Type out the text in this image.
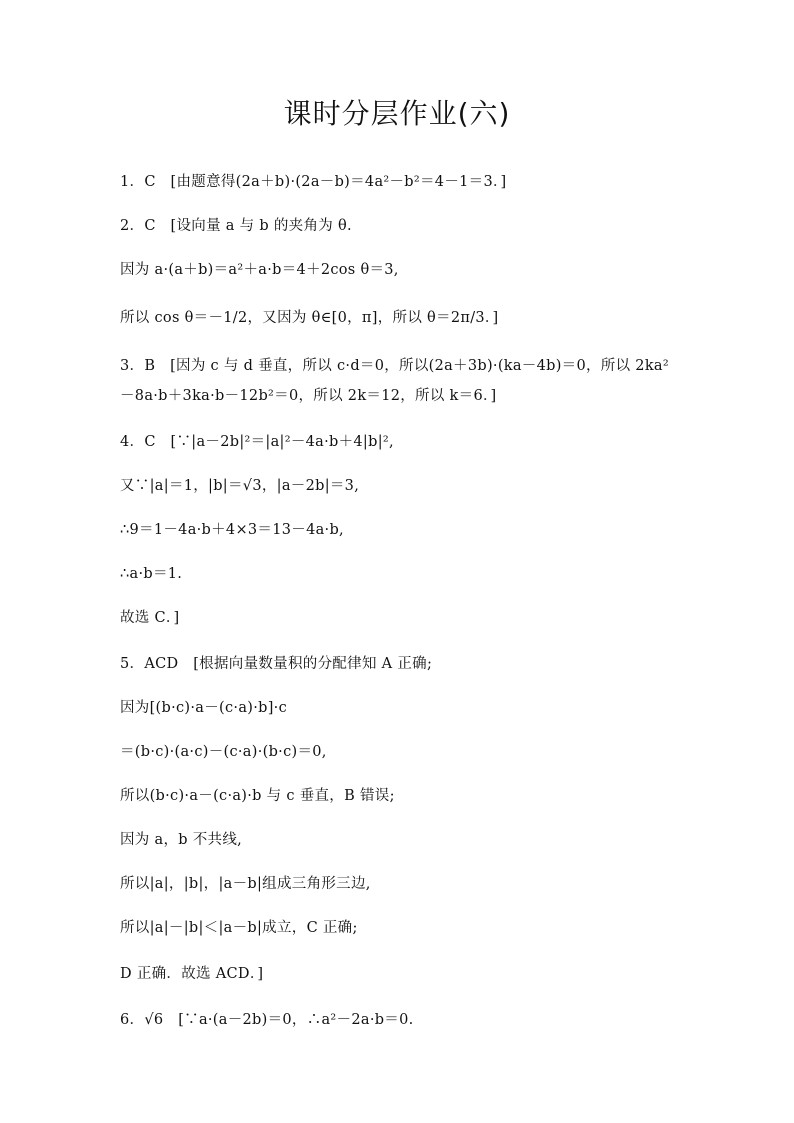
课时分层作业(六)
1．C　[由题意得(2a＋b)·(2a－b)＝4a²－b²＝4－1＝3．]
2．C　[设向量 a 与 b 的夹角为 θ.
因为 a·(a＋b)＝a²＋a·b＝4＋2cos θ＝3,
所以 cos θ＝－1/2，又因为 θ∈[0，π]，所以 θ＝2π/3．]
3．B　[因为 c 与 d 垂直，所以 c·d＝0，所以(2a＋3b)·(ka－4b)＝0，所以 2ka²
－8a·b＋3ka·b－12b²＝0，所以 2k＝12，所以 k＝6．]
4．C　[∵|a－2b|²＝|a|²－4a·b＋4|b|²,
又∵|a|＝1，|b|＝√3，|a－2b|＝3,
∴9＝1－4a·b＋4×3＝13－4a·b,
∴a·b＝1.
故选 C．]
5．ACD　[根据向量数量积的分配律知 A 正确;
因为[(b·c)·a－(c·a)·b]·c
＝(b·c)·(a·c)－(c·a)·(b·c)＝0,
所以(b·c)·a－(c·a)·b 与 c 垂直，B 错误;
因为 a，b 不共线,
所以|a|，|b|，|a－b|组成三角形三边,
所以|a|－|b|＜|a－b|成立，C 正确;
D 正确．故选 ACD．]
6．√6　[∵a·(a－2b)＝0，∴a²－2a·b＝0.
